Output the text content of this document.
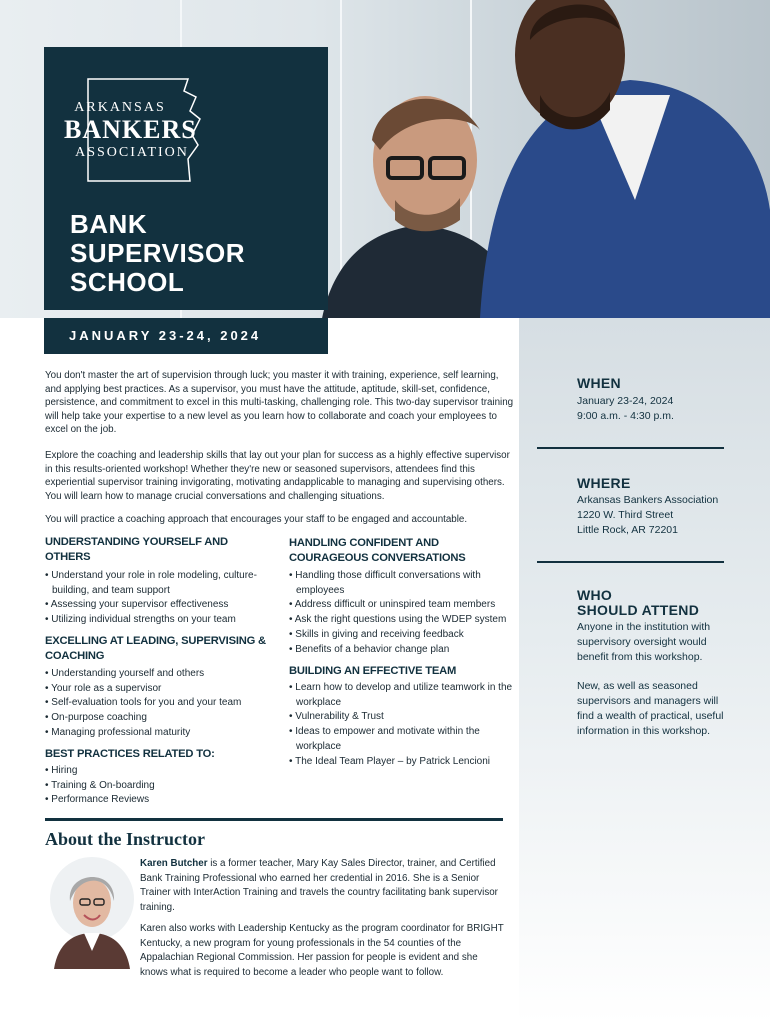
ARKANSAS
BANKERS
ASSOCIATION
BANK
SUPERVISOR
SCHOOL
JANUARY 23-24, 2024
WHEN
January 23-24, 2024
9:00 a.m. - 4:30 p.m.
WHERE
Arkansas Bankers Association
1220 W. Third Street
Little Rock, AR 72201
WHO
SHOULD ATTEND
Anyone in the institution with supervisory oversight would benefit from this workshop.
New, as well as seasoned supervisors and managers will find a wealth of practical, useful information in this workshop.
You don't master the art of supervision through luck; you master it with training, experience, self learning, and applying best practices. As a supervisor, you must have the attitude, aptitude, skill-set, confidence, persistence, and commitment to excel in this multi-tasking, challenging role. This two-day supervisor training will help take your expertise to a new level as you learn how to collaborate and coach your employees to excel on the job.
Explore the coaching and leadership skills that lay out your plan for success as a highly effective supervisor in this results-oriented workshop! Whether they're new or seasoned supervisors, attendees find this experiential supervisor training invigorating, motivating andapplicable to managing and supervising others. You will learn how to manage crucial conversations and challenging situations.
You will practice a coaching approach that encourages your staff to be engaged and accountable.
UNDERSTANDING YOURSELF AND OTHERS
• Understand your role in role modeling, culture-building, and team support
• Assessing your supervisor effectiveness
• Utilizing individual strengths on your team
EXCELLING AT LEADING, SUPERVISING & COACHING
• Understanding yourself and others
• Your role as a supervisor
• Self-evaluation tools for you and your team
• On-purpose coaching
• Managing professional maturity
BEST PRACTICES RELATED TO:
• Hiring
• Training & On-boarding
• Performance Reviews
HANDLING CONFIDENT AND COURAGEOUS CONVERSATIONS
• Handling those difficult conversations with employees
• Address difficult or uninspired team members
• Ask the right questions using the WDEP system
• Skills in giving and receiving feedback
• Benefits of a behavior change plan
BUILDING AN EFFECTIVE TEAM
• Learn how to develop and utilize teamwork in the workplace
• Vulnerability & Trust
• Ideas to empower and motivate within the workplace
• The Ideal Team Player – by Patrick Lencioni
About the Instructor
Karen Butcher is a former teacher, Mary Kay Sales Director, trainer, and Certified Bank Training Professional who earned her credential in 2016. She is a Senior Trainer with InterAction Training and travels the country facilitating bank supervisor training.
Karen also works with Leadership Kentucky as the program coordinator for BRIGHT Kentucky, a new program for young professionals in the 54 counties of the Appalachian Regional Commission. Her passion for people is evident and she knows what is required to become a leader who people want to follow.
